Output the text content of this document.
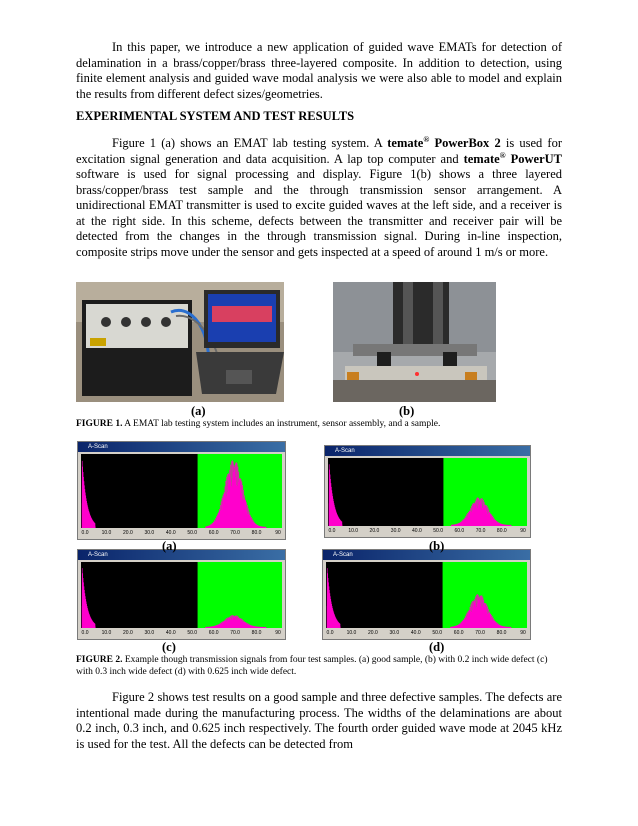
In this paper, we introduce a new application of guided wave EMATs for detection of delamination in a brass/copper/brass three-layered composite. In addition to detection, using finite element analysis and guided wave modal analysis we were also able to model and explain the results from different defect sizes/geometries.

EXPERIMENTAL SYSTEM AND TEST RESULTS

Figure 1 (a) shows an EMAT lab testing system. A temate® PowerBox 2 is used for excitation signal generation and data acquisition. A lap top computer and temate® PowerUT software is used for signal processing and display. Figure 1(b) shows a three layered brass/copper/brass test sample and the through transmission sensor arrangement. A unidirectional EMAT transmitter is used to excite guided waves at the left side, and a receiver is at the right side. In this scheme, defects between the transmitter and receiver pair will be detected from the changes in the through transmission signal. During in-line inspection, composite strips move under the sensor and gets inspected at a speed of around 1 m/s or more.

(a)	(b)

FIGURE 1. A EMAT lab testing system includes an instrument, sensor assembly, and a sample.

A-Scan
0.0	10.0 20.0 30.0 40.0 50.0 60.0 70.0 80.0	90
A-Scan
0.0	10.0 20.0 30.0 40.0 50.0 60.0 70.0 80.0	90
A-Scan
0.0	10.0 20.0 30.0 40.0 50.0 60.0 70.0 80.0	90
A-Scan
0.0	10.0 20.0 30.0 40.0 50.0 60.0 70.0 80.0	90
(a)	(b)
(c)	(d)

FIGURE 2. Example though transmission signals from four test samples. (a) good sample, (b) with 0.2 inch wide defect (c) with 0.3 inch wide defect (d) with 0.625 inch wide defect.

Figure 2 shows test results on a good sample and three defective samples. The defects are intentional made during the manufacturing process. The widths of the delaminations are about 0.2 inch, 0.3 inch, and 0.625 inch respectively. The fourth order guided wave mode at 2045 kHz is used for the test. All the defects can be detected from
